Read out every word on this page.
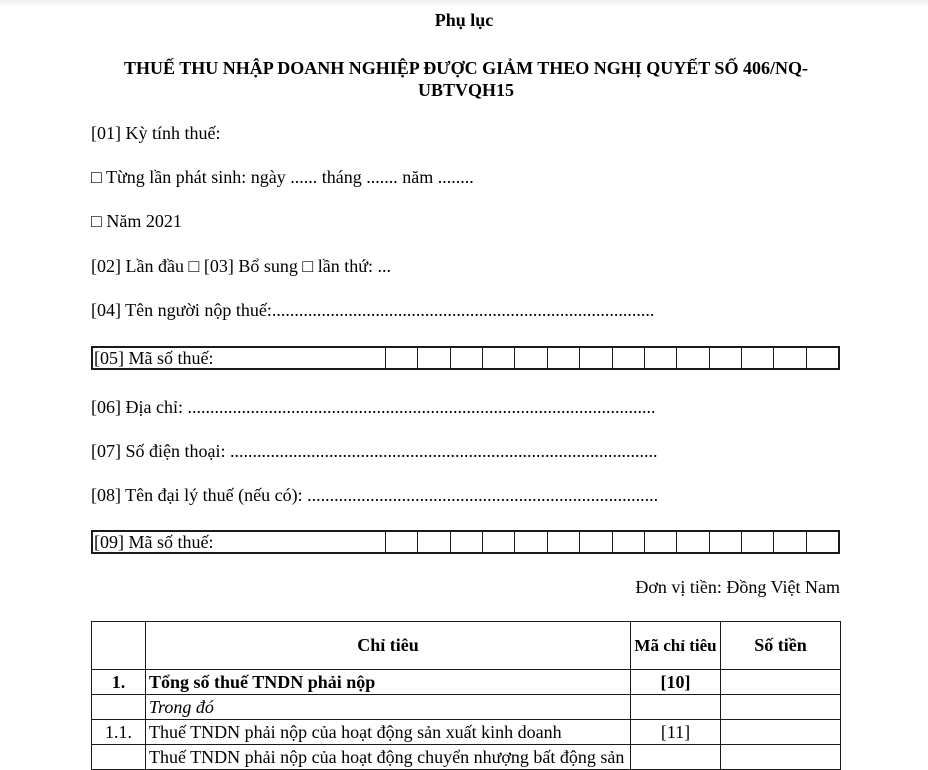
Phụ lục
THUẾ THU NHẬP DOANH NGHIỆP ĐƯỢC GIẢM THEO NGHỊ QUYẾT SỐ 406/NQ-UBTVQH15
[01] Kỳ tính thuế:
□ Từng lần phát sinh: ngày ...... tháng ....... năm ........
□ Năm 2021
[02] Lần đầu □ [03] Bổ sung □ lần thứ: ...
[04] Tên người nộp thuế:.....................................................................................
[05] Mã số thuế:
[06] Địa chỉ: ........................................................................................................
[07] Số điện thoại: ...............................................................................................
[08] Tên đại lý thuế (nếu có): ..............................................................................
[09] Mã số thuế:
Đơn vị tiền: Đồng Việt Nam
	Chỉ tiêu	Mã chỉ tiêu	Số tiền
1.	Tổng số thuế TNDN phải nộp	[10]	
	Trong đó		
1.1.	Thuế TNDN phải nộp của hoạt động sản xuất kinh doanh	[11]	
	Thuế TNDN phải nộp của hoạt động chuyển nhượng bất động sản		
